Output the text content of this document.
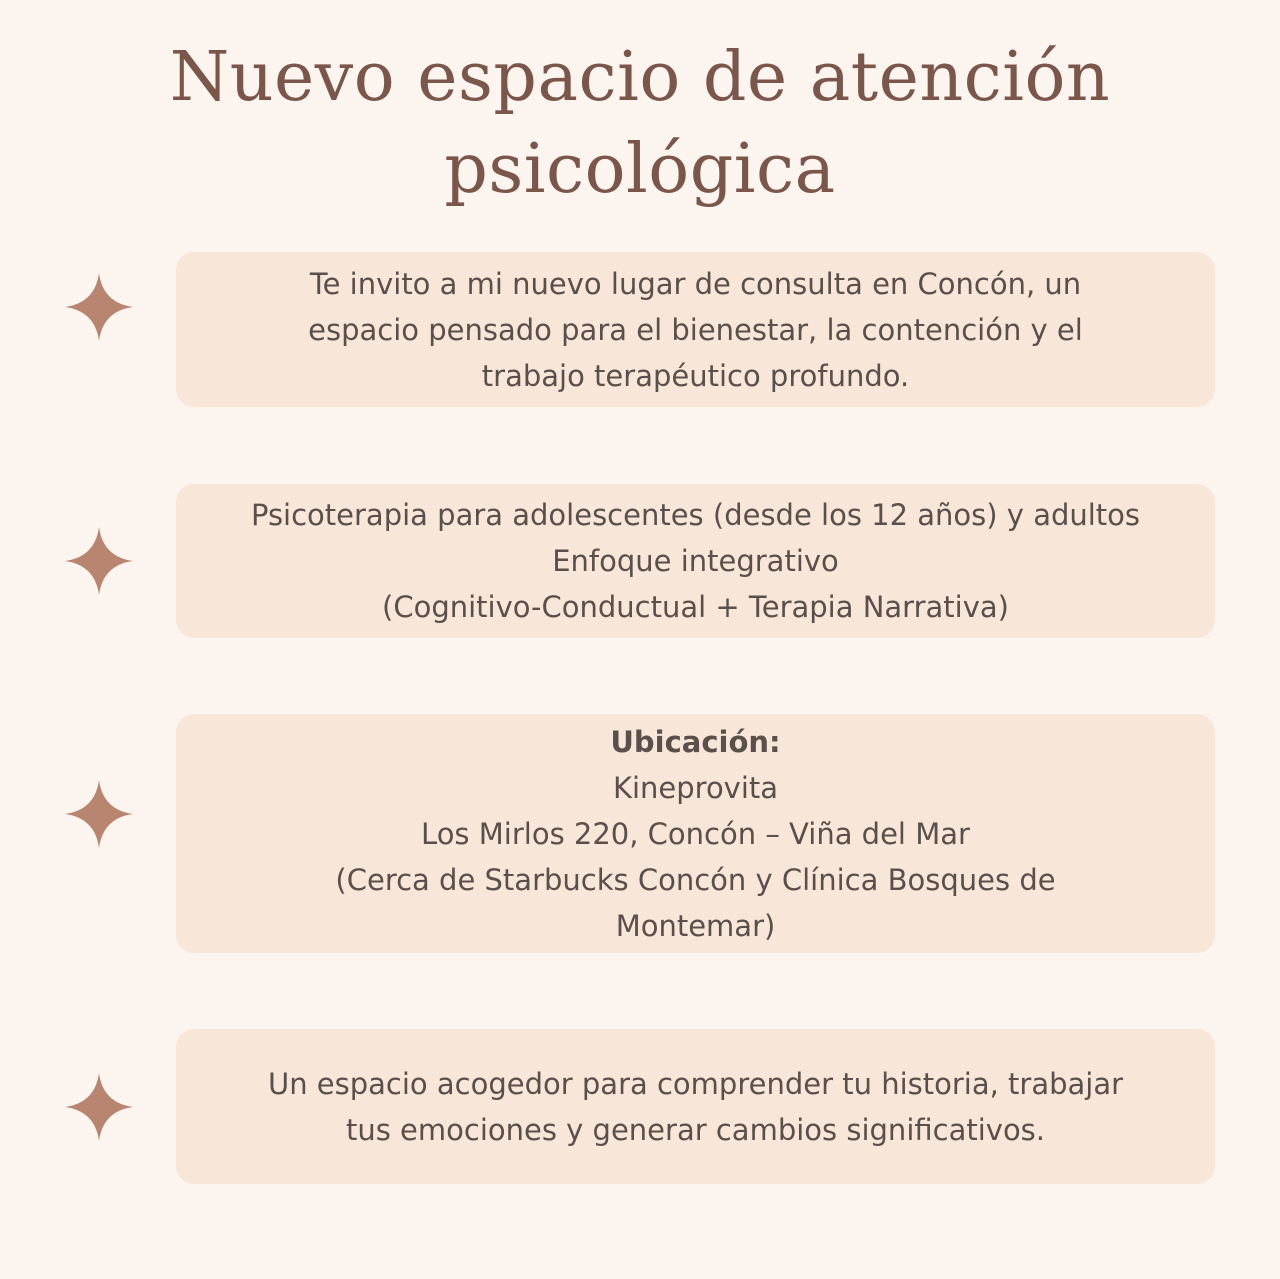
Nuevo espacio de atención
psicológica
Te invito a mi nuevo lugar de consulta en Concón, un
espacio pensado para el bienestar, la contención y el
trabajo terapéutico profundo.
Psicoterapia para adolescentes (desde los 12 años) y adultos
Enfoque integrativo
(Cognitivo-Conductual + Terapia Narrativa)
Ubicación:
Kineprovita
Los Mirlos 220, Concón – Viña del Mar
(Cerca de Starbucks Concón y Clínica Bosques de
Montemar)
Un espacio acogedor para comprender tu historia, trabajar
tus emociones y generar cambios significativos.
